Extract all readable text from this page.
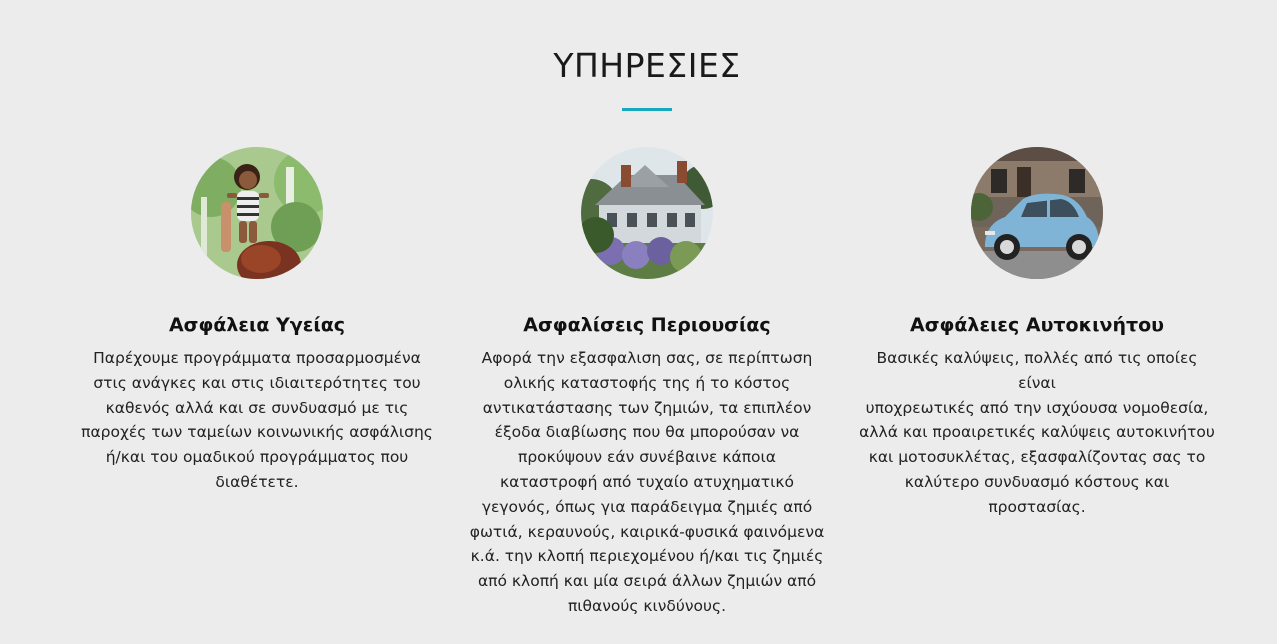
ΥΠΗΡΕΣΙΕΣ
Ασφάλεια Υγείας
Παρέχουμε προγράμματα προσαρμοσμένα
στις ανάγκες και στις ιδιαιτερότητες του
καθενός αλλά και σε συνδυασμό με τις
παροχές των ταμείων κοινωνικής ασφάλισης
ή/και του ομαδικού προγράμματος που
διαθέτετε.
Ασφαλίσεις Περιουσίας
Αφορά την εξασφαλιση σας, σε περίπτωση
ολικής καταστοφής της ή το κόστος
αντικατάστασης των ζημιών, τα επιπλέον
έξοδα διαβίωσης που θα μπορούσαν να
προκύψουν εάν συνέβαινε κάποια
καταστροφή από τυχαίο ατυχηματικό
γεγονός, όπως για παράδειγμα ζημιές από
φωτιά, κεραυνούς, καιρικά-φυσικά φαινόμενα
κ.ά. την κλοπή περιεχομένου ή/και τις ζημιές
από κλοπή και μία σειρά άλλων ζημιών από
πιθανούς κινδύνους.
Ασφάλειες Αυτοκινήτου
Βασικές καλύψεις, πολλές από τις οποίες είναι
υποχρεωτικές από την ισχύουσα νομοθεσία,
αλλά και προαιρετικές καλύψεις αυτοκινήτου
και μοτοσυκλέτας, εξασφαλίζοντας σας το
καλύτερο συνδυασμό κόστους και
προστασίας.
